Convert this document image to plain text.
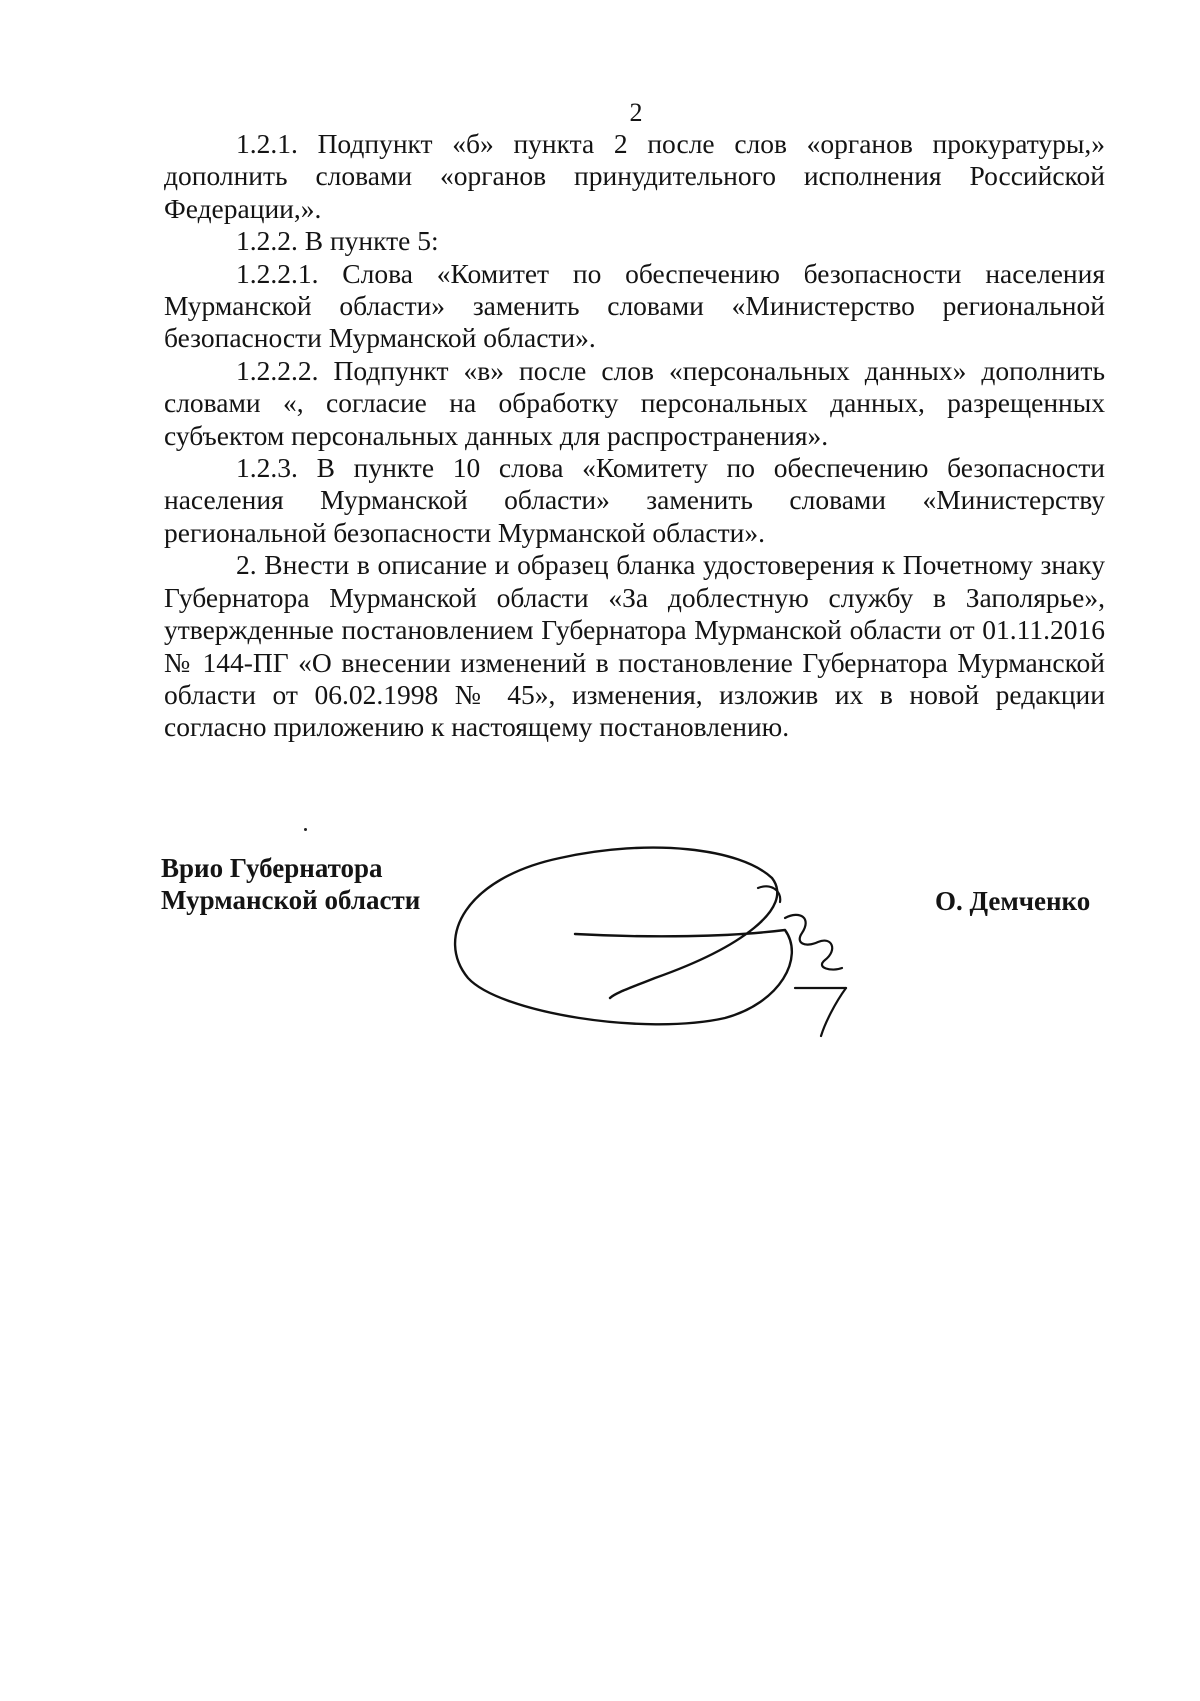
2

1.2.1. Подпункт «б» пункта 2 после слов «органов прокуратуры,» дополнить словами «органов принудительного исполнения Российской Федерации,».

1.2.2. В пункте 5:

1.2.2.1. Слова «Комитет по обеспечению безопасности населения Мурманской области» заменить словами «Министерство региональной безопасности Мурманской области».

1.2.2.2. Подпункт «в» после слов «персональных данных» дополнить словами «, согласие на обработку персональных данных, разрещенных субъектом персональных данных для распространения».

1.2.3. В пункте 10 слова «Комитету по обеспечению безопасности населения Мурманской области» заменить словами «Министерству региональной безопасности Мурманской области».

2. Внести в описание и образец бланка удостоверения к Почетному знаку Губернатора Мурманской области «За доблестную службу в Заполярье», утвержденные постановлением Губернатора Мурманской области от 01.11.2016 № 144-ПГ «О внесении изменений в постановление Губернатора Мурманской области от 06.02.1998 № 45», изменения, изложив их в новой редакции согласно приложению к настоящему постановлению.

Врио Губернатора
Мурманской области	О. Демченко
